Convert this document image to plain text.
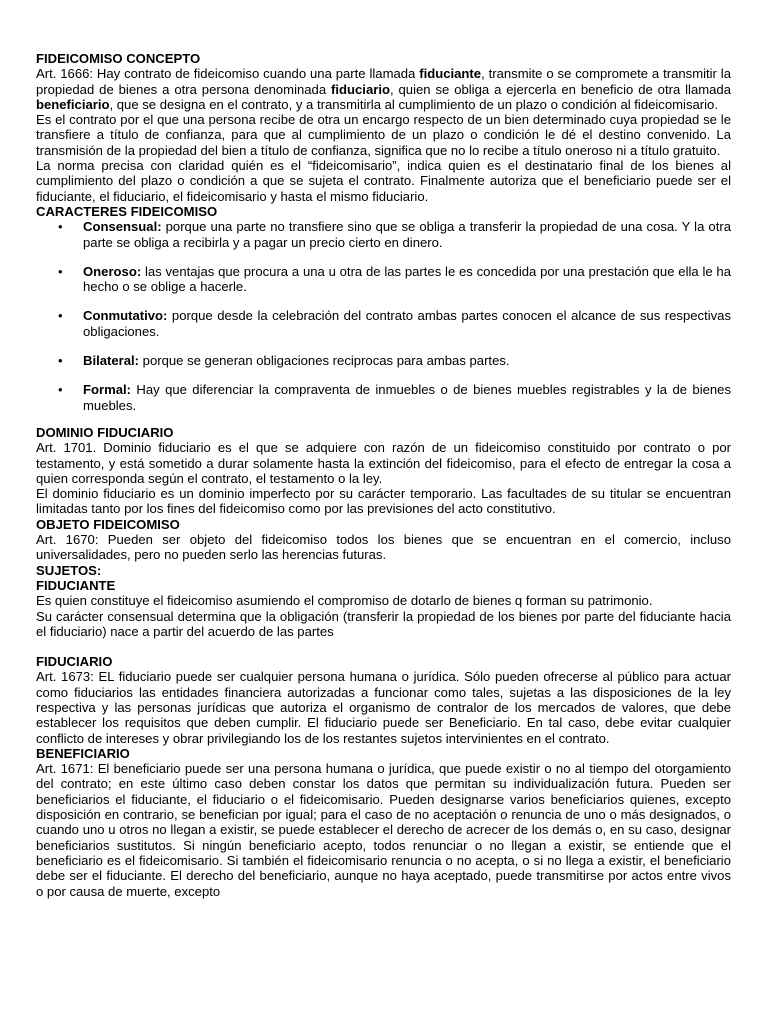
FIDEICOMISO CONCEPTO

Art. 1666: Hay contrato de fideicomiso cuando una parte llamada fiduciante, transmite o se compromete a transmitir la propiedad de bienes a otra persona denominada fiduciario, quien se obliga a ejercerla en beneficio de otra llamada beneficiario, que se designa en el contrato, y a transmitirla al cumplimiento de un plazo o condición al fideicomisario.

Es el contrato por el que una persona recibe de otra un encargo respecto de un bien determinado cuya propiedad se le transfiere a título de confianza, para que al cumplimiento de un plazo o condición le dé el destino convenido. La transmisión de la propiedad del bien a título de confianza, significa que no lo recibe a título oneroso ni a título gratuito.

La norma precisa con claridad quién es el “fideicomisario”, indica quien es el destinatario final de los bienes al cumplimiento del plazo o condición a que se sujeta el contrato. Finalmente autoriza que el beneficiario puede ser el fiduciante, el fiduciario, el fideicomisario y hasta el mismo fiduciario.

CARACTERES FIDEICOMISO

• Consensual: porque una parte no transfiere sino que se obliga a transferir la propiedad de una cosa. Y la otra parte se obliga a recibirla y a pagar un precio cierto en dinero.
• Oneroso: las ventajas que procura a una u otra de las partes le es concedida por una prestación que ella le ha hecho o se oblige a hacerle.
• Conmutativo: porque desde la celebración del contrato ambas partes conocen el alcance de sus respectivas obligaciones.
• Bilateral: porque se generan obligaciones reciprocas para ambas partes.
• Formal: Hay que diferenciar la compraventa de inmuebles o de bienes muebles registrables y la de bienes muebles.

DOMINIO FIDUCIARIO

Art. 1701. Dominio fiduciario es el que se adquiere con razón de un fideicomiso constituido por contrato o por testamento, y está sometido a durar solamente hasta la extinción del fideicomiso, para el efecto de entregar la cosa a quien corresponda según el contrato, el testamento o la ley.

El dominio fiduciario es un dominio imperfecto por su carácter temporario. Las facultades de su titular se encuentran limitadas tanto por los fines del fideicomiso como por las previsiones del acto constitutivo.

OBJETO FIDEICOMISO

Art. 1670: Pueden ser objeto del fideicomiso todos los bienes que se encuentran en el comercio, incluso universalidades, pero no pueden serlo las herencias futuras.

SUJETOS:

FIDUCIANTE

Es quien constituye el fideicomiso asumiendo el compromiso de dotarlo de bienes q forman su patrimonio.

Su carácter consensual determina que la obligación (transferir la propiedad de los bienes por parte del fiduciante hacia el fiduciario) nace a partir del acuerdo de las partes

FIDUCIARIO

Art. 1673: EL fiduciario puede ser cualquier persona humana o jurídica. Sólo pueden ofrecerse al público para actuar como fiduciarios las entidades financiera autorizadas a funcionar como tales, sujetas a las disposiciones de la ley respectiva y las personas jurídicas que autoriza el organismo de contralor de los mercados de valores, que debe establecer los requisitos que deben cumplir. El fiduciario puede ser Beneficiario. En tal caso, debe evitar cualquier conflicto de intereses y obrar privilegiando los de los restantes sujetos intervinientes en el contrato.

BENEFICIARIO

Art. 1671: El beneficiario puede ser una persona humana o jurídica, que puede existir o no al tiempo del otorgamiento del contrato; en este último caso deben constar los datos que permitan su individualización futura. Pueden ser beneficiarios el fiduciante, el fiduciario o el fideicomisario. Pueden designarse varios beneficiarios quienes, excepto disposición en contrario, se benefician por igual; para el caso de no aceptación o renuncia de uno o más designados, o cuando uno u otros no llegan a existir, se puede establecer el derecho de acrecer de los demás o, en su caso, designar beneficiarios sustitutos. Si ningún beneficiario acepto, todos renunciar o no llegan a existir, se entiende que el beneficiario es el fideicomisario. Si también el fideicomisario renuncia o no acepta, o si no llega a existir, el beneficiario debe ser el fiduciante. El derecho del beneficiario, aunque no haya aceptado, puede transmitirse por actos entre vivos o por causa de muerte, excepto
